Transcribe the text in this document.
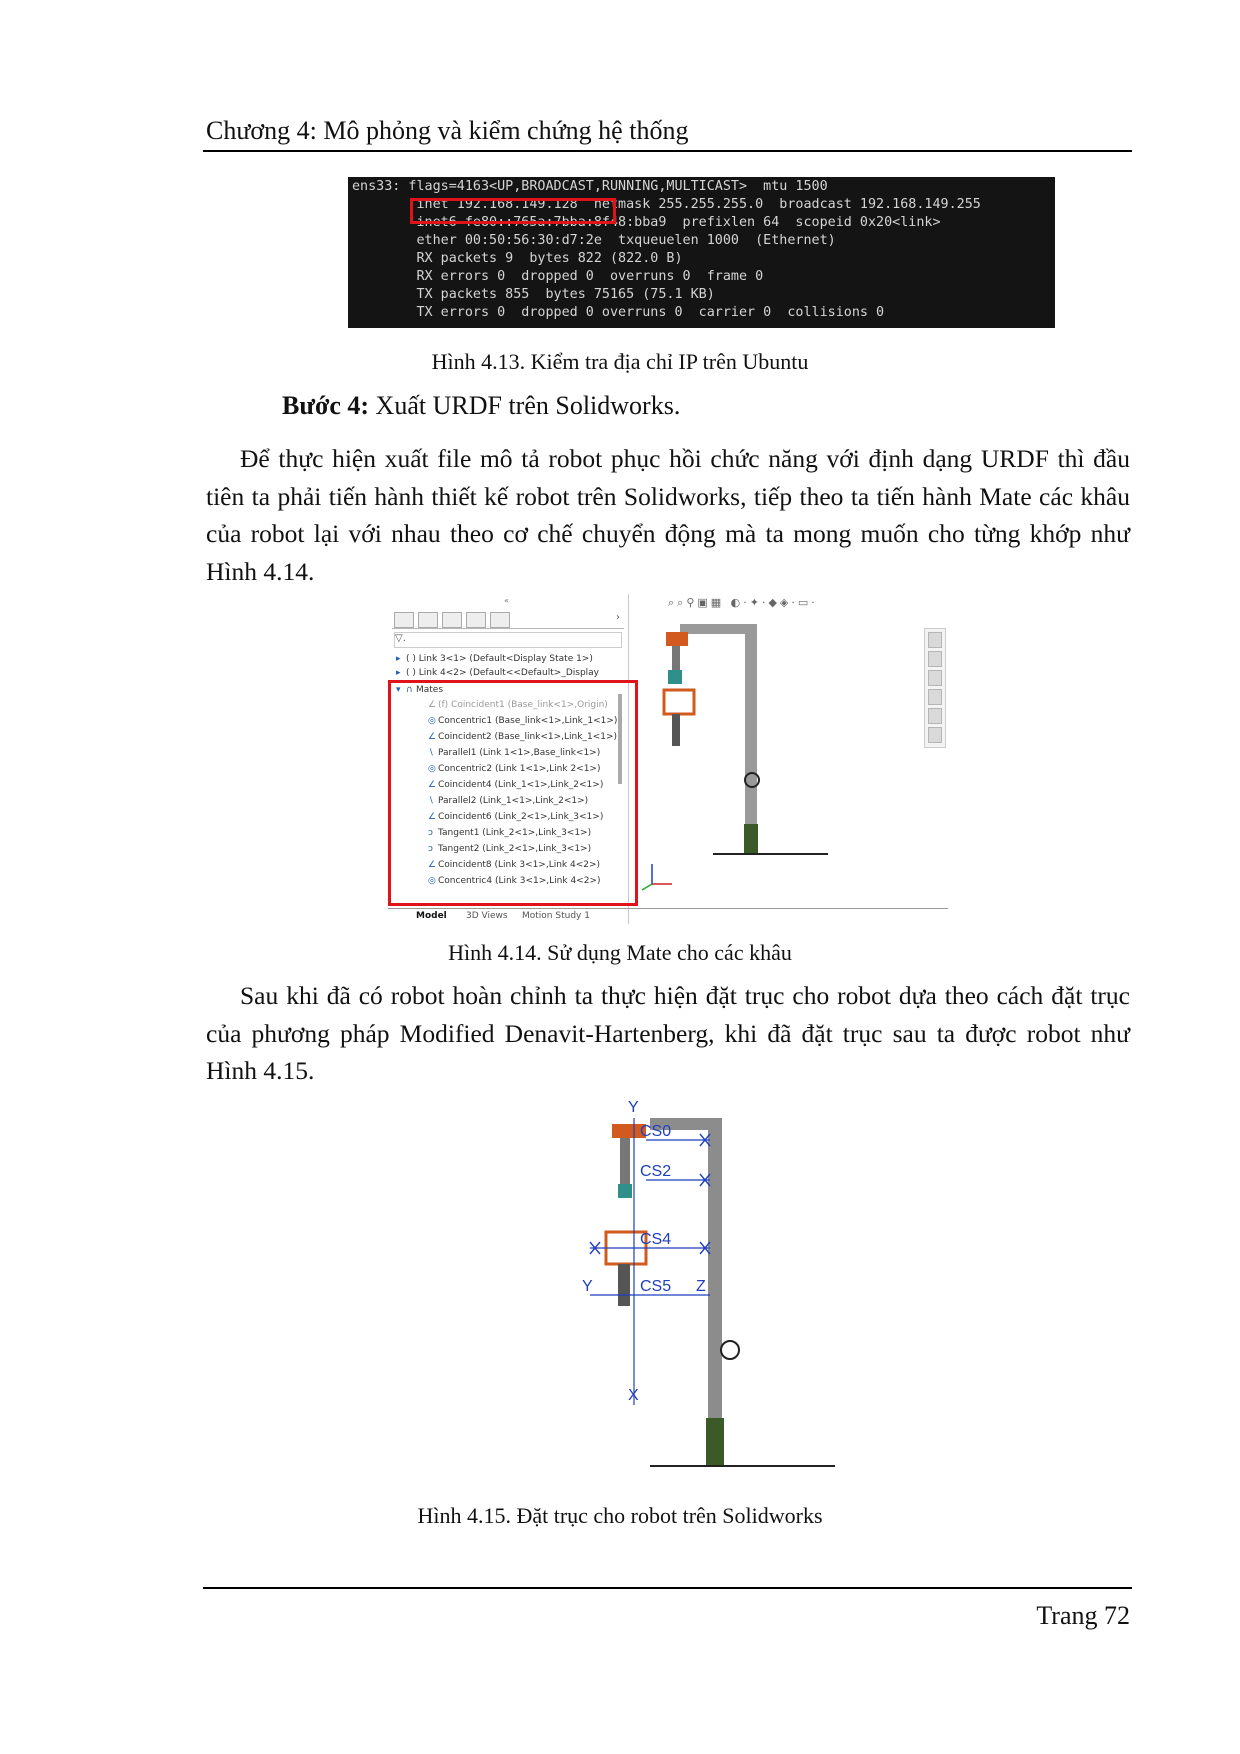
Chương 4: Mô phỏng và kiểm chứng hệ thống
ens33: flags=4163<UP,BROADCAST,RUNNING,MULTICAST>  mtu 1500
inet 192.168.149.128  netmask 255.255.255.0  broadcast 192.168.149.255
inet6 fe80::765a:7bba:8f48:bba9  prefixlen 64  scopeid 0x20<link>
ether 00:50:56:30:d7:2e  txqueuelen 1000  (Ethernet)
RX packets 9  bytes 822 (822.0 B)
RX errors 0  dropped 0  overruns 0  frame 0
TX packets 855  bytes 75165 (75.1 KB)
TX errors 0  dropped 0 overruns 0  carrier 0  collisions 0
Hình 4.13. Kiểm tra địa chỉ IP trên Ubuntu
Bước 4: Xuất URDF trên Solidworks.
Để thực hiện xuất file mô tả robot phục hồi chức năng với định dạng URDF thì đầu tiên ta phải tiến hành thiết kế robot trên Solidworks, tiếp theo ta tiến hành Mate các khâu của robot lại với nhau theo cơ chế chuyển động mà ta mong muốn cho từng khớp như Hình 4.14.
«
›
▽.
▸ ( ) Link 3<1> (Default<Display State 1>)
▸ ( ) Link 4<2> (Default<<Default>_Display
▾ ∩ Mates
∠ (f) Coincident1 (Base_link<1>,Origin)
◎ Concentric1 (Base_link<1>,Link_1<1>)
∠ Coincident2 (Base_link<1>,Link_1<1>)
∖ Parallel1 (Link 1<1>,Base_link<1>)
◎ Concentric2 (Link 1<1>,Link 2<1>)
∠ Coincident4 (Link_1<1>,Link_2<1>)
∖ Parallel2 (Link_1<1>,Link_2<1>)
∠ Coincident6 (Link_2<1>,Link_3<1>)
ↄ Tangent1 (Link_2<1>,Link_3<1>)
ↄ Tangent2 (Link_2<1>,Link_3<1>)
∠ Coincident8 (Link 3<1>,Link 4<2>)
◎ Concentric4 (Link 3<1>,Link 4<2>)
⌕⌕⚲▣▦ ◐·✦·◆◈·▭·
Model 3D Views Motion Study 1
Hình 4.14. Sử dụng Mate cho các khâu
Sau khi đã có robot hoàn chỉnh ta thực hiện đặt trục cho robot dựa theo cách đặt trục của phương pháp Modified Denavit-Hartenberg, khi đã đặt trục sau ta được robot như Hình 4.15.
Y
CS0
CS2
CS4
CS5
Y	Z
X
Hình 4.15. Đặt trục cho robot trên Solidworks
Trang 72
